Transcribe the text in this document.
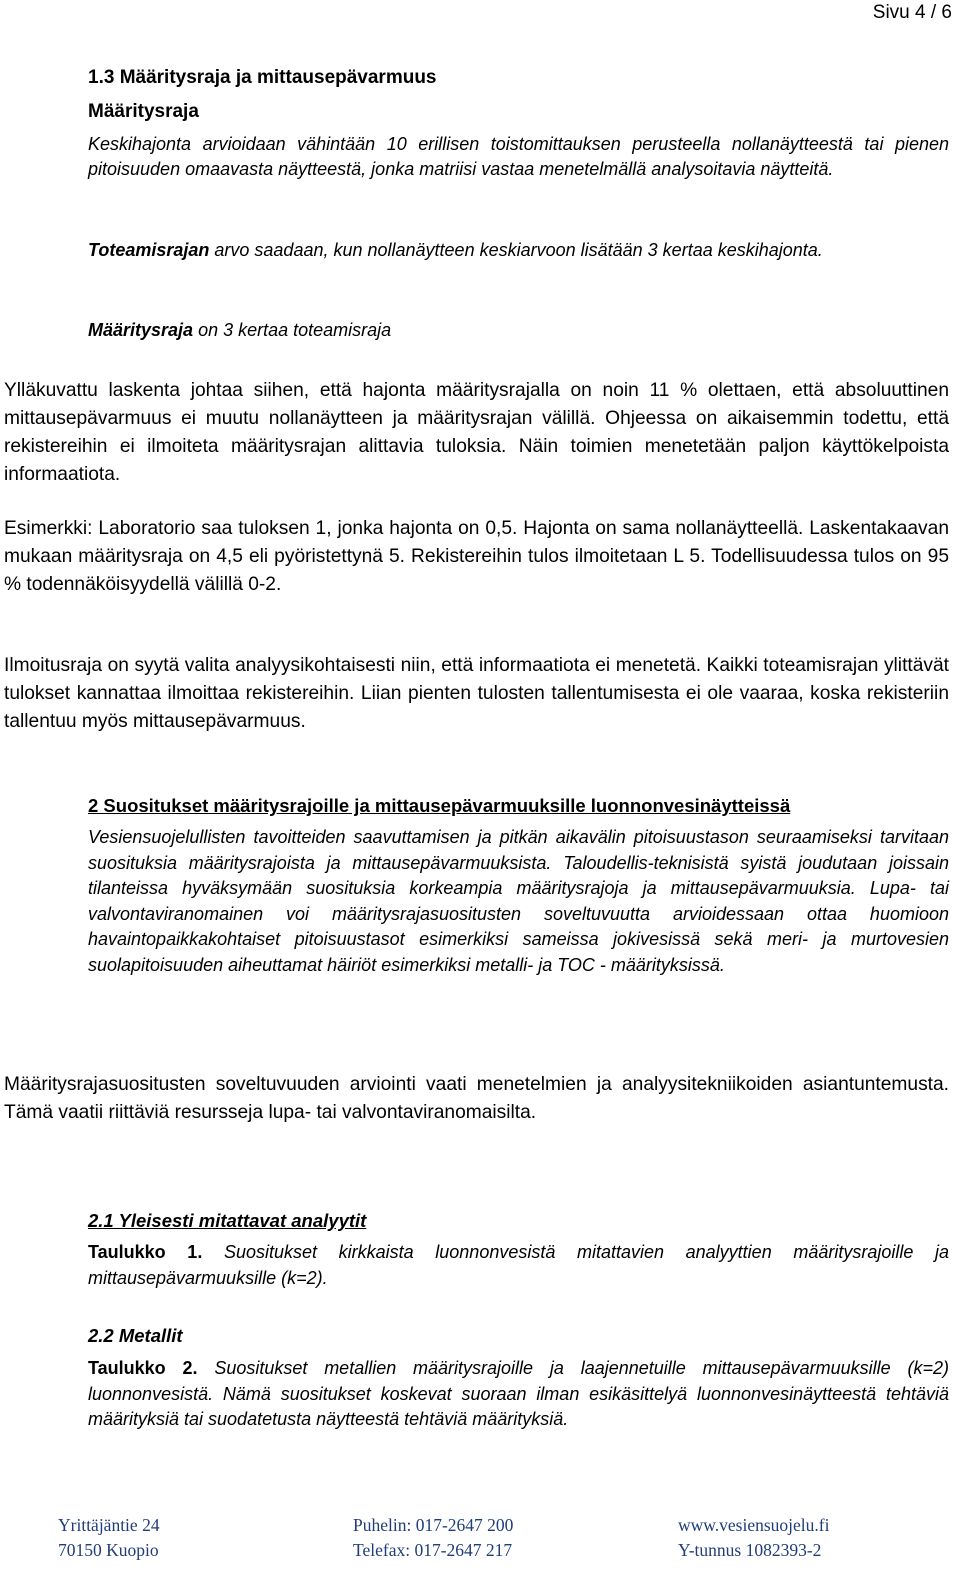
Sivu 4 / 6
1.3 Määritysraja ja mittausepävarmuus
Määritysraja

Keskihajonta arvioidaan vähintään 10 erillisen toistomittauksen perusteella nollanäytteestä tai pienen pitoisuuden omaavasta näytteestä, jonka matriisi vastaa menetelmällä analysoitavia näytteitä.

Toteamisrajan arvo saadaan, kun nollanäytteen keskiarvoon lisätään 3 kertaa keskihajonta.

Määritysraja on 3 kertaa toteamisraja

Ylläkuvattu laskenta johtaa siihen, että hajonta määritysrajalla on noin 11 % olettaen, että absoluuttinen mittausepävarmuus ei muutu nollanäytteen ja määritysrajan välillä. Ohjeessa on aikaisemmin todettu, että rekistereihin ei ilmoiteta määritysrajan alittavia tuloksia. Näin toimien menetetään paljon käyttökelpoista informaatiota.

Esimerkki: Laboratorio saa tuloksen 1, jonka hajonta on 0,5. Hajonta on sama nollanäytteellä. Laskentakaavan mukaan määritysraja on 4,5 eli pyöristettynä 5. Rekistereihin tulos ilmoitetaan L 5. Todellisuudessa tulos on 95 % todennäköisyydellä välillä 0-2.

Ilmoitusraja on syytä valita analyysikohtaisesti niin, että informaatiota ei menetetä. Kaikki toteamisrajan ylittävät tulokset kannattaa ilmoittaa rekistereihin. Liian pienten tulosten tallentumisesta ei ole vaaraa, koska rekisteriin tallentuu myös mittausepävarmuus.

2 Suositukset määritysrajoille ja mittausepävarmuuksille luonnonvesinäytteissä

Vesiensuojelullisten tavoitteiden saavuttamisen ja pitkän aikavälin pitoisuustason seuraamiseksi tarvitaan suosituksia määritysrajoista ja mittausepävarmuuksista. Taloudellis-teknisistä syistä joudutaan joissain tilanteissa hyväksymään suosituksia korkeampia määritysrajoja ja mittausepävarmuuksia. Lupa- tai valvontaviranomainen voi määritysrajasuositusten soveltuvuutta arvioidessaan ottaa huomioon havaintopaikkakohtaiset pitoisuustasot esimerkiksi sameissa jokivesissä sekä meri- ja murtovesien suolapitoisuuden aiheuttamat häiriöt esimerkiksi metalli- ja TOC - määrityksissä.

Määritysrajasuositusten soveltuvuuden arviointi vaati menetelmien ja analyysitekniikoiden asiantuntemusta. Tämä vaatii riittäviä resursseja lupa- tai valvontaviranomaisilta.

2.1 Yleisesti mitattavat analyytit

Taulukko 1. Suositukset kirkkaista luonnonvesistä mitattavien analyyttien määritysrajoille ja mittausepävarmuuksille (k=2).

2.2 Metallit

Taulukko 2. Suositukset metallien määritysrajoille ja laajennetuille mittausepävarmuuksille (k=2) luonnonvesistä. Nämä suositukset koskevat suoraan ilman esikäsittelyä luonnonvesinäytteestä tehtäviä määrityksiä tai suodatetusta näytteestä tehtäviä määrityksiä.

Yrittäjäntie 24
70150 Kuopio
Puhelin: 017-2647 200
Telefax: 017-2647 217
www.vesiensuojelu.fi
Y-tunnus 1082393-2
